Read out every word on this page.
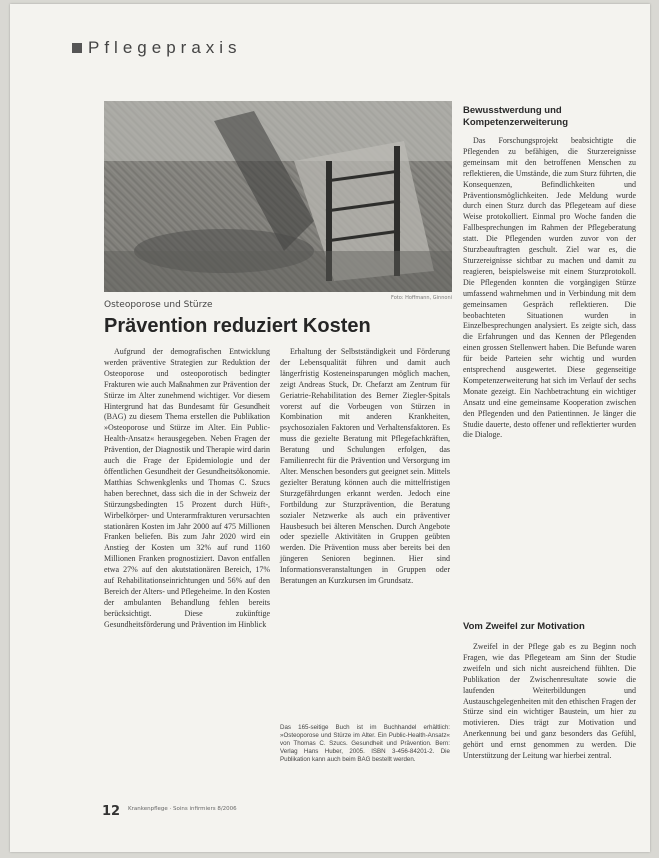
Pflegepraxis
Foto: Hoffmann, Ginnoni
Osteoporose und Stürze
Prävention reduziert Kosten

Aufgrund der demografischen Entwicklung werden präventive Strategien zur Reduktion der Osteoporose und osteoporotisch bedingter Frakturen wie auch Maßnahmen zur Prävention der Stürze im Alter zunehmend wichtiger. Vor diesem Hintergrund hat das Bundesamt für Gesundheit (BAG) zu diesem Thema erstellen die Publikation »Osteoporose und Stürze im Alter. Ein Public-Health-Ansatz« herausgegeben. Neben Fragen der Prävention, der Diagnostik und Therapie wird darin auch die Frage der Epidemiologie und der öffentlichen Gesundheit der Gesundheitsökonomie. Matthias Schwenkglenks und Thomas C. Szucs haben berechnet, dass sich die in der Schweiz der Stürzungsbedingten 15 Prozent durch Hüft-, Wirbelkörper- und Unterarmfrakturen verursachten stationären Kosten im Jahr 2000 auf 475 Millionen Franken beliefen. Bis zum Jahr 2020 wird ein Anstieg der Kosten um 32% auf rund 1160 Millionen Franken prognostiziert. Davon entfallen etwa 27% auf den akutstationären Bereich, 17% auf Rehabilitationseinrichtungen und 56% auf den Bereich der Alters- und Pflegeheime. In den Kosten der ambulanten Behandlung fehlen bereits berücksichtigt. Diese zukünftige Gesundheitsförderung und Prävention im Hinblick

Erhaltung der Selbstständigkeit und Förderung der Lebensqualität führen und damit auch längerfristig Kosteneinsparungen möglich machen, zeigt Andreas Stuck, Dr. Chefarzt am Zentrum für Geriatrie-Rehabilitation des Berner Ziegler-Spitals vorerst auf die Vorbeugen von Stürzen in Kombination mit anderen Krankheiten, psychosozialen Faktoren und Verhaltensfaktoren. Es muss die gezielte Beratung mit Pflegefachkräften, Beratung und Schulungen erfolgen, das Familienrecht für die Prävention und Versorgung im Alter. Menschen besonders gut geeignet sein. Mittels gezielter Beratung können auch die mittelfristigen Sturzgefährdungen erkannt werden. Jedoch eine Fortbildung zur Sturzprävention, die Beratung sozialer Netzwerke als auch ein präventiver Hausbesuch bei älteren Menschen. Durch Angebote oder spezielle Aktivitäten in Gruppen geübten werden. Die Prävention muss aber bereits bei den jüngeren Senioren beginnen. Hier sind Informationsveranstaltungen in Gruppen oder Beratungen an Kurzkursen im Grundsatz.

Das 165-seitige Buch ist im Buchhandel erhältlich: »Osteoporose und Stürze im Alter. Ein Public-Health-Ansatz« von Thomas C. Szucs. Gesundheit und Prävention. Bern: Verlag Hans Huber, 2005. ISBN 3-456-84201-2. Die Publikation kann auch beim BAG bestellt werden.
Bewusstwerdung und Kompetenzerweiterung

Das Forschungsprojekt beabsichtigte die Pflegenden zu befähigen, die Sturzereignisse gemeinsam mit den betroffenen Menschen zu reflektieren, die Umstände, die zum Sturz führten, die Konsequenzen, Befindlichkeiten und Präventionsmöglichkeiten. Jede Meldung wurde durch einen Sturz durch das Pflegeteam auf diese Weise protokolliert. Einmal pro Woche fanden die Fallbesprechungen im Rahmen der Pflegeberatung statt. Die Pflegenden wurden zuvor von der Sturzbeauftragten geschult. Ziel war es, die Sturzereignisse sichtbar zu machen und damit zu reagieren, beispielsweise mit einem Sturzprotokoll. Die Pflegenden konnten die vorgängigen Stürze umfassend wahrnehmen und in Verbindung mit dem gemeinsamen Gespräch reflektieren. Die beobachteten Situationen wurden in Einzelbesprechungen analysiert. Es zeigte sich, dass die Erfahrungen und das Kennen der Pflegenden einen grossen Stellenwert haben. Die Befunde waren für beide Parteien sehr wichtig und wurden entsprechend ausgewertet. Diese gegenseitige Kompetenzerweiterung hat sich im Verlauf der sechs Monate gezeigt. Ein Nachbetrachtung ein wichtiger Ansatz und eine gemeinsame Kooperation zwischen den Pflegenden und den Patientinnen. Je länger die Studie dauerte, desto offener und reflektierter wurden die Dialoge.

Zweifel in der Pflege gab es zu Beginn noch Fragen, wie das Pflegeteam am Sinn der Studie zweifeln und sich nicht ausreichend fühlten. Die Publikation der Zwischenresultate sowie die laufenden Weiterbildungen und Austauschgelegenheiten mit den ethischen Fragen der Stürze sind ein wichtiger Baustein, um hier zu motivieren. Dies trägt zur Motivation und Anerkennung bei und ganz besonders das Gefühl, gehört und ernst genommen zu werden. Die Unterstützung der Leitung war hierbei zentral.

Vom Zweifel zur Motivation
12 Krankenpflege · Soins infirmiers 8/2006
